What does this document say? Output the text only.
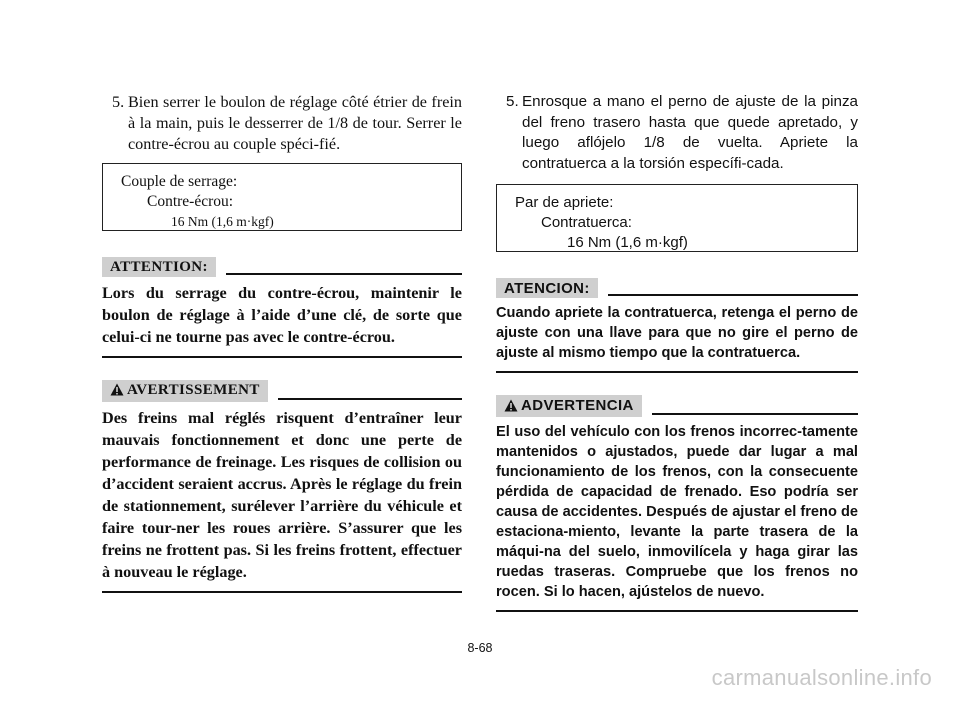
5. Bien serrer le boulon de réglage côté étrier de frein à la main, puis le desserrer de 1/8 de tour. Serrer le contre-écrou au couple spéci-fié.
Couple de serrage:
Contre-écrou:
16 Nm (1,6 m·kgf)
ATTENTION:
Lors du serrage du contre-écrou, maintenir le boulon de réglage à l’aide d’une clé, de sorte que celui-ci ne tourne pas avec le contre-écrou.
AVERTISSEMENT
Des freins mal réglés risquent d’entraîner leur mauvais fonctionnement et donc une perte de performance de freinage. Les risques de collision ou d’accident seraient accrus. Après le réglage du frein de stationnement, surélever l’arrière du véhicule et faire tour-ner les roues arrière. S’assurer que les freins ne frottent pas. Si les freins frottent, effectuer à nouveau le réglage.
5. Enrosque a mano el perno de ajuste de la pinza del freno trasero hasta que quede apretado, y luego aflójelo 1/8 de vuelta. Apriete la contratuerca a la torsión específi-cada.
Par de apriete:
Contratuerca:
16 Nm (1,6 m·kgf)
ATENCION:
Cuando apriete la contratuerca, retenga el perno de ajuste con una llave para que no gire el perno de ajuste al mismo tiempo que la contratuerca.
ADVERTENCIA
El uso del vehículo con los frenos incorrec-tamente mantenidos o ajustados, puede dar lugar a mal funcionamiento de los frenos, con la consecuente pérdida de capacidad de frenado. Eso podría ser causa de accidentes. Después de ajustar el freno de estaciona-miento, levante la parte trasera de la máqui-na del suelo, inmovilícela y haga girar las ruedas traseras. Compruebe que los frenos no rocen. Si lo hacen, ajústelos de nuevo.
8-68
carmanualsonline.info
